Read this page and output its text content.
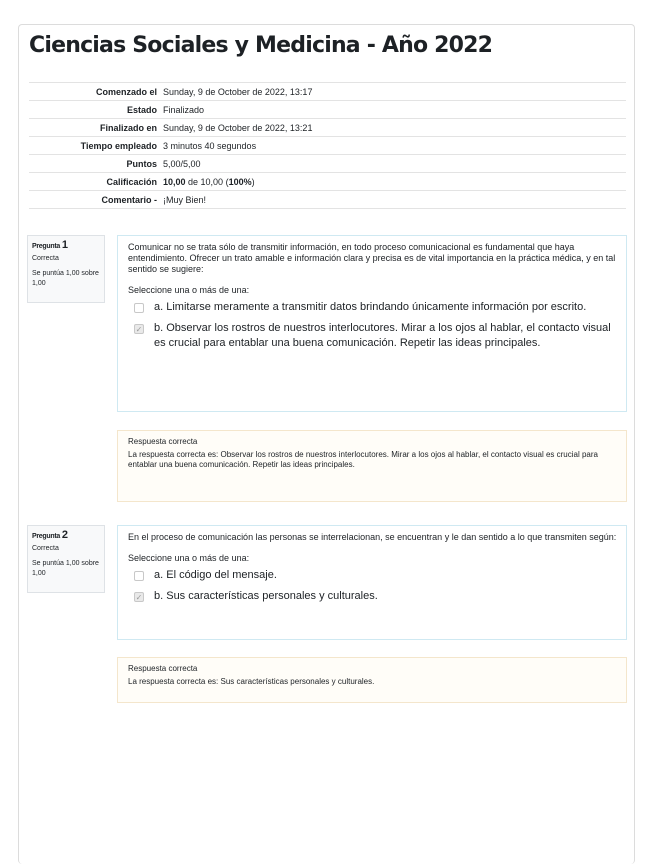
Ciencias Sociales y Medicina - Año 2022
Comenzado el	Sunday, 9 de October de 2022, 13:17
Estado	Finalizado
Finalizado en	Sunday, 9 de October de 2022, 13:21
Tiempo empleado	3 minutos 40 segundos
Puntos	5,00/5,00
Calificación	10,00 de 10,00 (100%)
Comentario -	¡Muy Bien!
Pregunta 1
Correcta
Se puntúa 1,00 sobre 1,00

Comunicar no se trata sólo de transmitir información, en todo proceso comunicacional es fundamental que haya entendimiento. Ofrecer un trato amable e información clara y precisa es de vital importancia en la práctica médica, y en tal sentido se sugiere:

Seleccione una o más de una:

a. Limitarse meramente a transmitir datos brindando únicamente información por escrito.
✓ b. Observar los rostros de nuestros interlocutores. Mirar a los ojos al hablar, el contacto visual es crucial para entablar una buena comunicación. Repetir las ideas principales.
Respuesta correcta
La respuesta correcta es: Observar los rostros de nuestros interlocutores. Mirar a los ojos al hablar, el contacto visual es crucial para entablar una buena comunicación. Repetir las ideas principales.
Pregunta 2
Correcta
Se puntúa 1,00 sobre 1,00

En el proceso de comunicación las personas se interrelacionan, se encuentran y le dan sentido a lo que transmiten según:

Seleccione una o más de una:

a. El código del mensaje.
✓ b. Sus características personales y culturales.
Respuesta correcta
La respuesta correcta es: Sus características personales y culturales.
